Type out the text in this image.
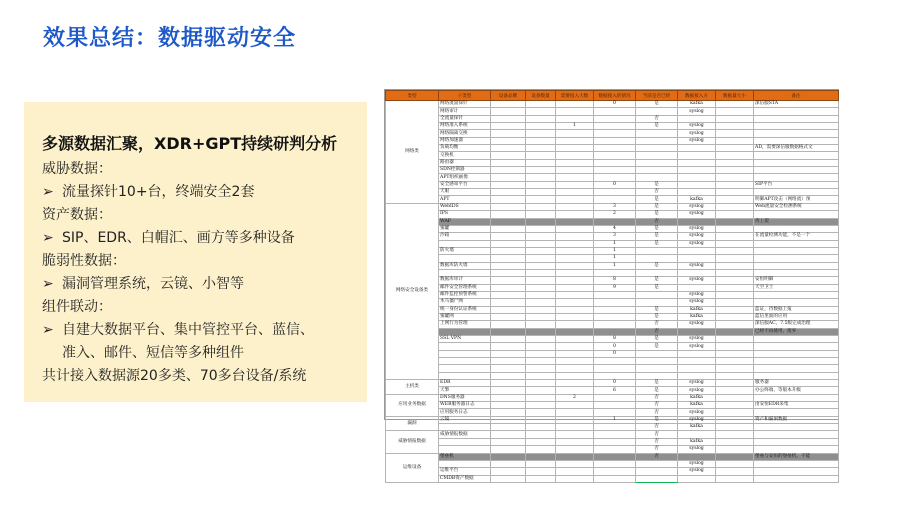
效果总结：数据驱动安全
多源数据汇聚，XDR+GPT持续研判分析
威胁数据：
➢ 流量探针10+台，终端安全2套
资产数据：
➢ SIP、EDR、白帽汇、画方等多种设备
脆弱性数据：
➢ 漏洞管理系统，云镜、小智等
组件联动：
➢ 自建大数据平台、集中管控平台、蓝信、
准入、邮件、短信等多种组件
共计接入数据源20多类、70多台设备/系统
类型	子类型	设备品牌	设备数量	需要接入大数	数据接入的情况	当前是否已经	数据接入方	数据量大小	备注
网络类	网络流量探针				0	是	kafka		深信服STA
	网络审计						syslog		
	全流量探针					否			
	网络准入系统			1		是	syslog		
	网络隔离交换						syslog		
	网络加速器						syslog		
	负载均衡								AD，需要深信服数据格式文
	交换机								
	路由器								
	SDN控制器								
	APT组织画像								
	安全感知平台				0	是			SIP平台
	天眼					否			
	APT					是	kafka		明御APT攻击（网络流）预
网络安全设备类	WebIDS				3	是	syslog		Web流量安全检测系统
	IPS				2	是	syslog		
	WAF					否			待上架
	蜜罐				4	是	syslog		
	沙箱				3	是	syslog		在流量检测功能，不是一个
					1	是	syslog		
	防火墙				1				
					1				
	数据库防火墙				1	是	syslog		

	数据库审计				8	是	syslog		安恒明御
	邮件安全管理系统				9	是			天空卫士
	邮件监控预警系统						syslog		
	木马僵尸网						syslog		
	统一身份认证系统					是	kafka		蓝证，待数据上报
	蜜罐网					是	kafka		蓝信里面的应用
	上网行为管理					否	syslog		深信服AC，7.5版完成治理
						否			已经不再使用，废弃
	SSL VPN				8	是	syslog		
					0	是	syslog		
					0				

主机类	EDR				0	是	syslog		服务器
	天擎				6	是	syslog		办公终端、等版本升级
应用业务数据	DNS服务器			2		否	kafka		
	WEB服务器日志					否	kafka		由安恒EDR采集
	应用服务日志					否	syslog		
漏洞	云镜				1	是	syslog		资产和漏洞数据
						否	kafka		
威胁情报数据	威胁情报数据					否			
						否	kafka		
						否	syslog		
运维设备	堡垒机					否			堡垒与安恒的堡垒机，不能
							syslog		
	运维平台						syslog		
	CMDB资产数据								
